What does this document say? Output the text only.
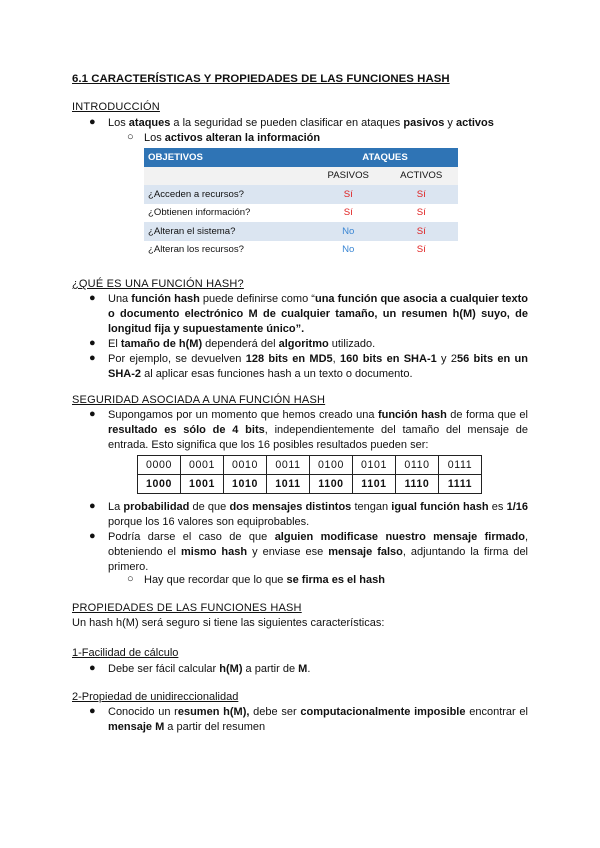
6.1 CARACTERÍSTICAS Y PROPIEDADES DE LAS FUNCIONES HASH
INTRODUCCIÓN
● Los ataques a la seguridad se pueden clasificar en ataques pasivos y activos
○ Los activos alteran la información
OBJETIVOS	ATAQUES	
	PASIVOS	ACTIVOS
¿Acceden a recursos?	Sí	Sí
¿Obtienen información?	Sí	Sí
¿Alteran el sistema?	No	Sí
¿Alteran los recursos?	No	Sí
¿QUÉ ES UNA FUNCIÓN HASH?
● Una función hash puede definirse como “una función que asocia a cualquier texto o documento electrónico M de cualquier tamaño, un resumen h(M) suyo, de longitud fija y supuestamente único”.
● El tamaño de h(M) dependerá del algoritmo utilizado.
● Por ejemplo, se devuelven 128 bits en MD5, 160 bits en SHA-1 y 256 bits en un SHA-2 al aplicar esas funciones hash a un texto o documento.
SEGURIDAD ASOCIADA A UNA FUNCIÓN HASH
● Supongamos por un momento que hemos creado una función hash de forma que el resultado es sólo de 4 bits, independientemente del tamaño del mensaje de entrada. Esto significa que los 16 posibles resultados pueden ser:
0000	0001	0010	0011	0100	0101	0110	0111
1000	1001	1010	1011	1100	1101	1110	1111
● La probabilidad de que dos mensajes distintos tengan igual función hash es 1/16 porque los 16 valores son equiprobables.
● Podría darse el caso de que alguien modificase nuestro mensaje firmado, obteniendo el mismo hash y enviase ese mensaje falso, adjuntando la firma del primero.
○ Hay que recordar que lo que se firma es el hash
PROPIEDADES DE LAS FUNCIONES HASH
Un hash h(M) será seguro si tiene las siguientes características:
1-Facilidad de cálculo
● Debe ser fácil calcular h(M) a partir de M.
2-Propiedad de unidireccionalidad
● Conocido un resumen h(M), debe ser computacionalmente imposible encontrar el mensaje M a partir del resumen
